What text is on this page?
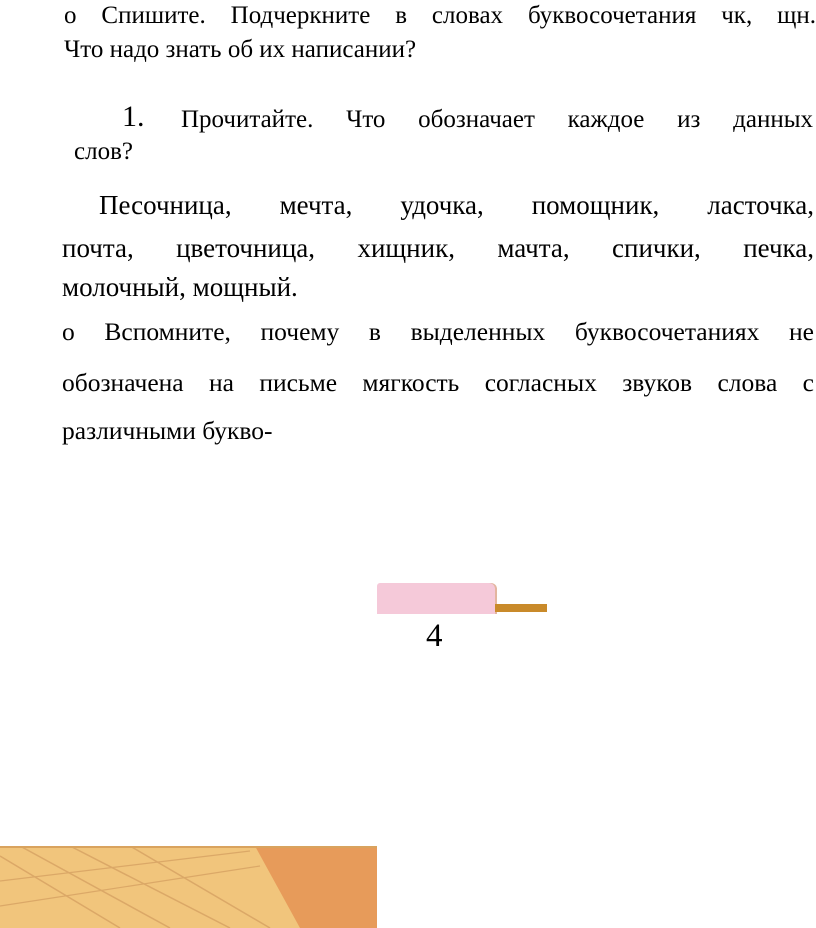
о Спишите. Подчеркните в словах буквосочетания чк, щн.
Что надо знать об их написании?
1. Прочитайте. Что обозначает каждое из данных
слов?
Песочница, мечта, удочка, помощник, ласточка,
почта, цветочница, хищник, мачта, спички, печка,
молочный, мощный.
о Вспомните, почему в выделенных буквосочетаниях не
обозначена на письме мягкость согласных звуков слова с
различными букво-
4
